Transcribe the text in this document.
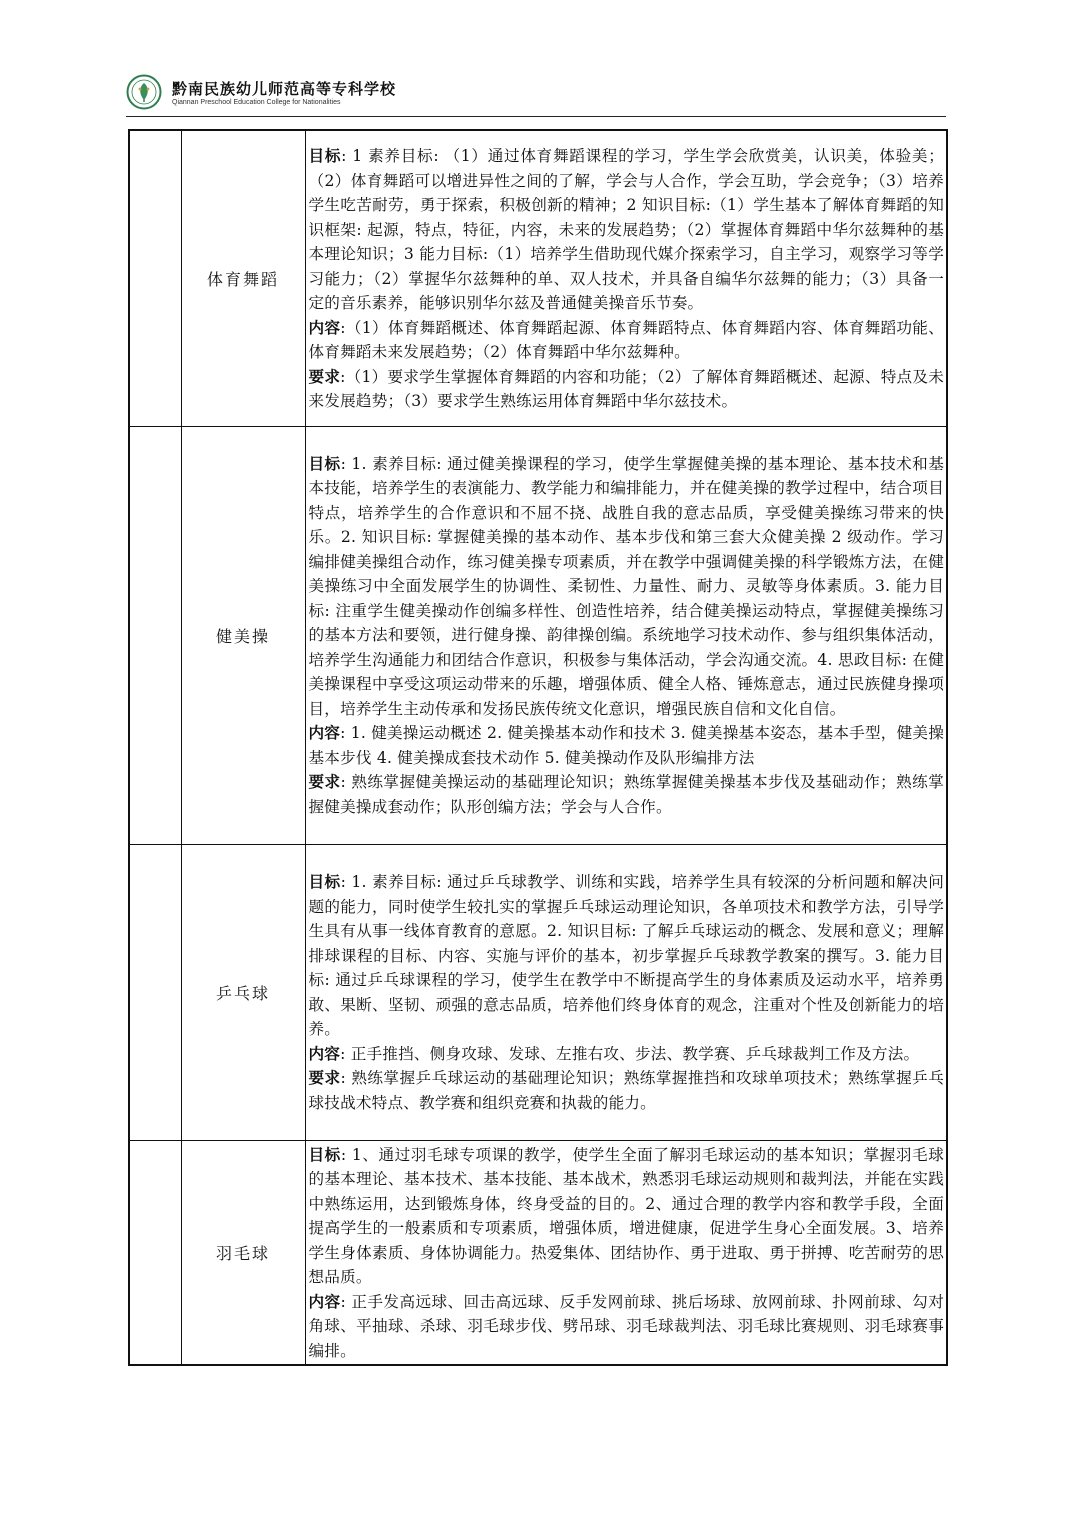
黔南民族幼儿师范高等专科学校
Qiannan Preschool Education College for Nationalities
	体育舞蹈	目标: 1 素养目标: （1）通过体育舞蹈课程的学习，学生学会欣赏美，认识美，体验美；（2）体育舞蹈可以增进异性之间的了解，学会与人合作，学会互助，学会竞争；（3）培养学生吃苦耐劳，勇于探索，积极创新的精神；2 知识目标:（1）学生基本了解体育舞蹈的知识框架: 起源，特点，特征，内容，未来的发展趋势；（2）掌握体育舞蹈中华尔兹舞种的基本理论知识；3 能力目标:（1）培养学生借助现代媒介探索学习，自主学习，观察学习等学习能力；（2）掌握华尔兹舞种的单、双人技术，并具备自编华尔兹舞的能力；（3）具备一定的音乐素养，能够识别华尔兹及普通健美操音乐节奏。

内容:（1）体育舞蹈概述、体育舞蹈起源、体育舞蹈特点、体育舞蹈内容、体育舞蹈功能、体育舞蹈未来发展趋势；（2）体育舞蹈中华尔兹舞种。

要求:（1）要求学生掌握体育舞蹈的内容和功能；（2）了解体育舞蹈概述、起源、特点及未来发展趋势；（3）要求学生熟练运用体育舞蹈中华尔兹技术。

	健美操	目标: 1. 素养目标: 通过健美操课程的学习，使学生掌握健美操的基本理论、基本技术和基本技能，培养学生的表演能力、教学能力和编排能力，并在健美操的教学过程中，结合项目特点，培养学生的合作意识和不屈不挠、战胜自我的意志品质，享受健美操练习带来的快乐。2. 知识目标: 掌握健美操的基本动作、基本步伐和第三套大众健美操 2 级动作。学习编排健美操组合动作，练习健美操专项素质，并在教学中强调健美操的科学锻炼方法，在健美操练习中全面发展学生的协调性、柔韧性、力量性、耐力、灵敏等身体素质。3. 能力目标: 注重学生健美操动作创编多样性、创造性培养，结合健美操运动特点，掌握健美操练习的基本方法和要领，进行健身操、韵律操创编。系统地学习技术动作、参与组织集体活动，培养学生沟通能力和团结合作意识，积极参与集体活动，学会沟通交流。4. 思政目标: 在健美操课程中享受这项运动带来的乐趣，增强体质、健全人格、锤炼意志，通过民族健身操项目，培养学生主动传承和发扬民族传统文化意识，增强民族自信和文化自信。

内容: 1. 健美操运动概述 2. 健美操基本动作和技术 3. 健美操基本姿态，基本手型，健美操基本步伐 4. 健美操成套技术动作 5. 健美操动作及队形编排方法

要求: 熟练掌握健美操运动的基础理论知识；熟练掌握健美操基本步伐及基础动作；熟练掌握健美操成套动作；队形创编方法；学会与人合作。

	乒乓球	目标: 1. 素养目标: 通过乒乓球教学、训练和实践，培养学生具有较深的分析问题和解决问题的能力，同时使学生较扎实的掌握乒乓球运动理论知识，各单项技术和教学方法，引导学生具有从事一线体育教育的意愿。2. 知识目标: 了解乒乓球运动的概念、发展和意义；理解排球课程的目标、内容、实施与评价的基本，初步掌握乒乓球教学教案的撰写。3. 能力目标: 通过乒乓球课程的学习，使学生在教学中不断提高学生的身体素质及运动水平，培养勇敢、果断、坚韧、顽强的意志品质，培养他们终身体育的观念，注重对个性及创新能力的培养。

内容: 正手推挡、侧身攻球、发球、左推右攻、步法、教学赛、乒乓球裁判工作及方法。

要求: 熟练掌握乒乓球运动的基础理论知识；熟练掌握推挡和攻球单项技术；熟练掌握乒乓球技战术特点、教学赛和组织竞赛和执裁的能力。

	羽毛球	目标: 1、通过羽毛球专项课的教学，使学生全面了解羽毛球运动的基本知识；掌握羽毛球的基本理论、基本技术、基本技能、基本战术，熟悉羽毛球运动规则和裁判法，并能在实践中熟练运用，达到锻炼身体，终身受益的目的。2、通过合理的教学内容和教学手段，全面提高学生的一般素质和专项素质，增强体质，增进健康，促进学生身心全面发展。3、培养学生身体素质、身体协调能力。热爱集体、团结协作、勇于进取、勇于拼搏、吃苦耐劳的思想品质。

内容: 正手发高远球、回击高远球、反手发网前球、挑后场球、放网前球、扑网前球、勾对角球、平抽球、杀球、羽毛球步伐、劈吊球、羽毛球裁判法、羽毛球比赛规则、羽毛球赛事编排。
